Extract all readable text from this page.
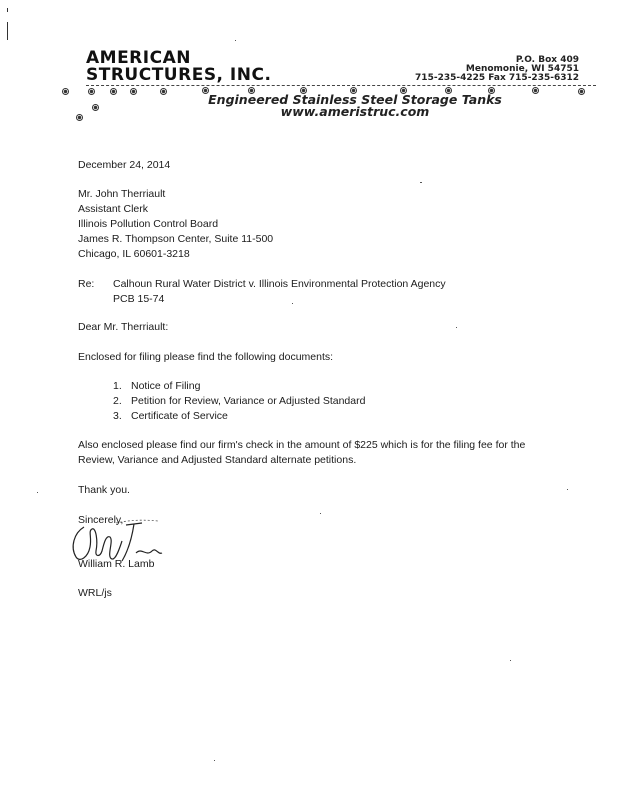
AMERICAN
STRUCTURES, INC.
P.O. Box 409
Menomonie, WI 54751
715-235-4225 Fax 715-235-6312
Engineered Stainless Steel Storage Tanks
www.ameristruc.com
December 24, 2014
Mr. John Therriault
Assistant Clerk
Illinois Pollution Control Board
James R. Thompson Center, Suite 11-500
Chicago, IL 60601-3218
Re: Calhoun Rural Water District v. Illinois Environmental Protection Agency
PCB 15-74
Dear Mr. Therriault:
Enclosed for filing please find the following documents:
1. Notice of Filing
2. Petition for Review, Variance or Adjusted Standard
3. Certificate of Service
Also enclosed please find our firm's check in the amount of $225 which is for the filing fee for the
Review, Variance and Adjusted Standard alternate petitions.
Thank you.
Sincerely,
William R. Lamb
WRL/js
